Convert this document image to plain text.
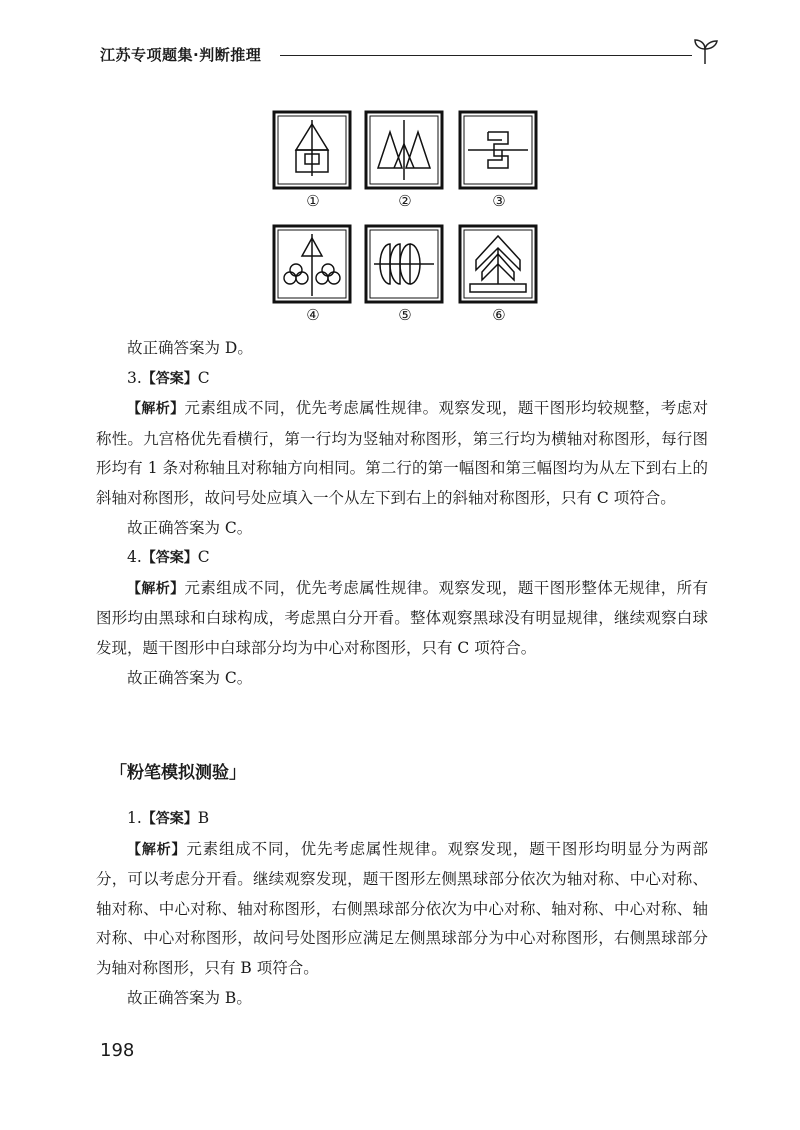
江苏专项题集·判断推理
①	②	③
④	⑤	⑥

故正确答案为 D。

3.【答案】C

【解析】元素组成不同，优先考虑属性规律。观察发现，题干图形均较规整，考虑对称性。九宫格优先看横行，第一行均为竖轴对称图形，第三行均为横轴对称图形，每行图形均有 1 条对称轴且对称轴方向相同。第二行的第一幅图和第三幅图均为从左下到右上的斜轴对称图形，故问号处应填入一个从左下到右上的斜轴对称图形，只有 C 项符合。

故正确答案为 C。

4.【答案】C

【解析】元素组成不同，优先考虑属性规律。观察发现，题干图形整体无规律，所有图形均由黑球和白球构成，考虑黑白分开看。整体观察黑球没有明显规律，继续观察白球发现，题干图形中白球部分均为中心对称图形，只有 C 项符合。

故正确答案为 C。

「粉笔模拟测验」

1.【答案】B

【解析】元素组成不同，优先考虑属性规律。观察发现，题干图形均明显分为两部分，可以考虑分开看。继续观察发现，题干图形左侧黑球部分依次为轴对称、中心对称、轴对称、中心对称、轴对称图形，右侧黑球部分依次为中心对称、轴对称、中心对称、轴对称、中心对称图形，故问号处图形应满足左侧黑球部分为中心对称图形，右侧黑球部分为轴对称图形，只有 B 项符合。

故正确答案为 B。

198
